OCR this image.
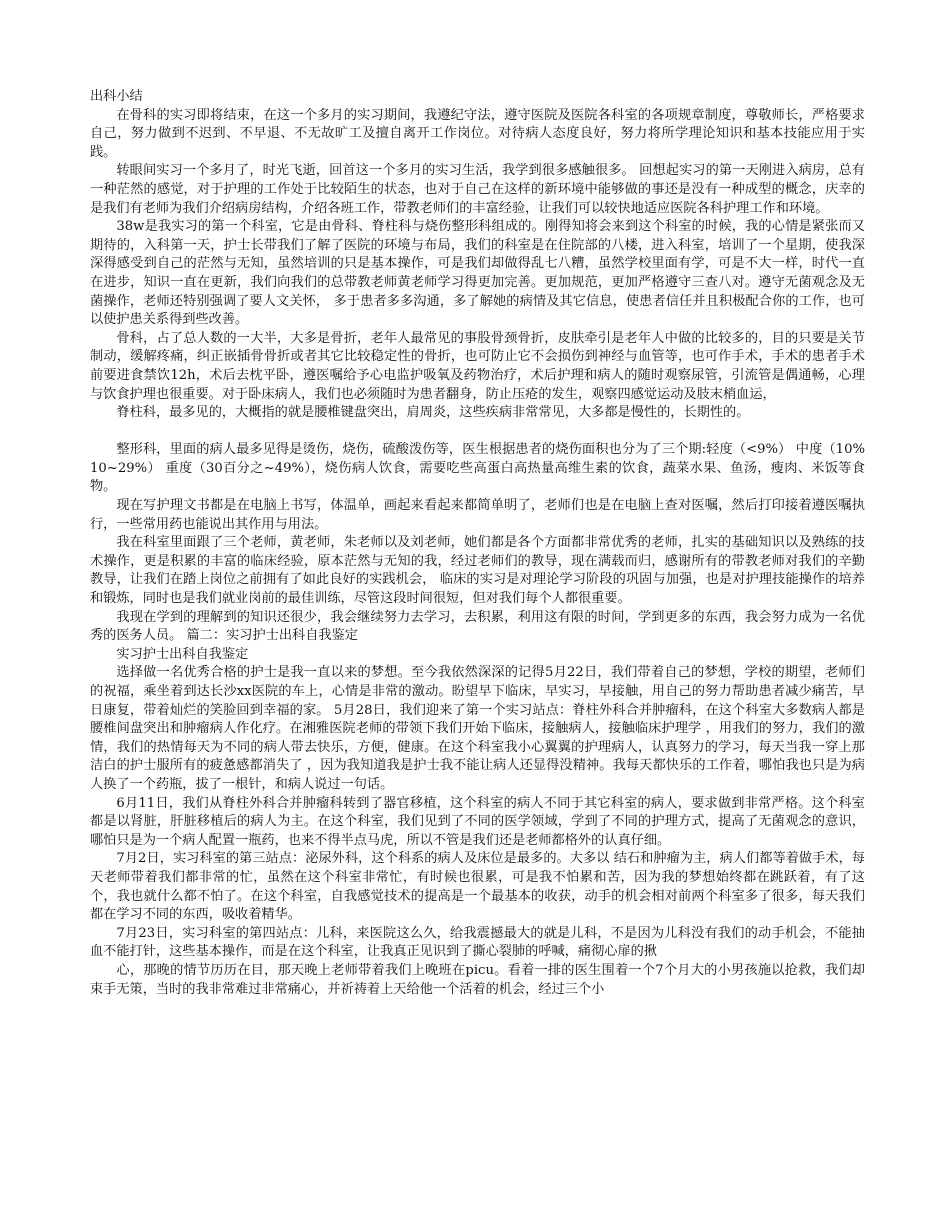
出科小结

在骨科的实习即将结束，在这一个多月的实习期间，我遵纪守法，遵守医院及医院各科室的各项规章制度，尊敬师长，严格要求自己，努力做到不迟到、不早退、不无故旷工及擅自离开工作岗位。对待病人态度良好，努力将所学理论知识和基本技能应用于实践。

转眼间实习一个多月了，时光飞逝，回首这一个多月的实习生活，我学到很多感触很多。 回想起实习的第一天刚进入病房，总有一种茫然的感觉，对于护理的工作处于比较陌生的状态，也对于自己在这样的新环境中能够做的事还是没有一种成型的概念，庆幸的是我们有老师为我们介绍病房结构，介绍各班工作，带教老师们的丰富经验，让我们可以较快地适应医院各科护理工作和环境。

38w是我实习的第一个科室，它是由骨科、脊柱科与烧伤整形科组成的。刚得知将会来到这个科室的时候，我的心情是紧张而又期待的，入科第一天，护士长带我们了解了医院的环境与布局，我们的科室是在住院部的八楼，进入科室，培训了一个星期，使我深深得感受到自己的茫然与无知，虽然培训的只是基本操作，可是我们却做得乱七八糟，虽然学校里面有学，可是不大一样，时代一直在进步，知识一直在更新，我们向我们的总带教老师黄老师学习得更加完善。更加规范，更加严格遵守三查八对。遵守无菌观念及无菌操作，老师还特别强调了要人文关怀， 多于患者多多沟通，多了解她的病情及其它信息，使患者信任并且积极配合你的工作，也可以使护患关系得到些改善。

骨科，占了总人数的一大半，大多是骨折，老年人最常见的事股骨颈骨折，皮肤牵引是老年人中做的比较多的，目的只要是关节制动，缓解疼痛，纠正嵌插骨骨折或者其它比较稳定性的骨折，也可防止它不会损伤到神经与血管等，也可作手术，手术的患者手术前要进食禁饮12h，术后去枕平卧，遵医嘱给予心电监护吸氧及药物治疗，术后护理和病人的随时观察尿管，引流管是偶通畅，心理与饮食护理也很重要。对于卧床病人，我们也必须随时为患者翻身，防止压疮的发生，观察四感觉运动及肢末梢血运，

脊柱科，最多见的，大概指的就是腰椎键盘突出，肩周炎，这些疾病非常常见，大多都是慢性的，长期性的。

整形科，里面的病人最多见得是烫伤，烧伤，硫酸泼伤等，医生根据患者的烧伤面积也分为了三个期:轻度（<9%） 中度（10%10~29%） 重度（30百分之~49%），烧伤病人饮食，需要吃些高蛋白高热量高维生素的饮食，蔬菜水果、鱼汤，瘦肉、米饭等食物。

现在写护理文书都是在电脑上书写，体温单，画起来看起来都简单明了，老师们也是在电脑上查对医嘱，然后打印接着遵医嘱执行，一些常用药也能说出其作用与用法。

我在科室里面跟了三个老师，黄老师，朱老师以及刘老师，她们都是各个方面都非常优秀的老师，扎实的基础知识以及熟练的技术操作，更是积累的丰富的临床经验，原本茫然与无知的我，经过老师们的教导，现在满载而归，感谢所有的带教老师对我们的辛勤教导，让我们在踏上岗位之前拥有了如此良好的实践机会， 临床的实习是对理论学习阶段的巩固与加强，也是对护理技能操作的培养和锻炼，同时也是我们就业岗前的最佳训练，尽管这段时间很短，但对我们每个人都很重要。

我现在学到的理解到的知识还很少，我会继续努力去学习，去积累，利用这有限的时间，学到更多的东西，我会努力成为一名优秀的医务人员。 篇二：实习护士出科自我鉴定

实习护士出科自我鉴定

选择做一名优秀合格的护士是我一直以来的梦想。至今我依然深深的记得5月22日，我们带着自己的梦想，学校的期望，老师们的祝福，乘坐着到达长沙xx医院的车上，心情是非常的激动。盼望早下临床，早实习，早接触，用自己的努力帮助患者减少痛苦，早日康复，带着灿烂的笑脸回到幸福的家。 5月28日，我们迎来了第一个实习站点：脊柱外科合并肿瘤科，在这个科室大多数病人都是腰椎间盘突出和肿瘤病人作化疗。在湘雅医院老师的带领下我们开始下临床，接触病人，接触临床护理学 ，用我们的努力，我们的激情，我们的热情每天为不同的病人带去快乐，方便，健康。在这个科室我小心翼翼的护理病人，认真努力的学习，每天当我一穿上那洁白的护士服所有的疲惫感都消失了 ，因为我知道我是护士我不能让病人还显得没精神。我每天都快乐的工作着，哪怕我也只是为病人换了一个药瓶，拔了一根针，和病人说过一句话。

6月11日，我们从脊柱外科合并肿瘤科转到了器官移植，这个科室的病人不同于其它科室的病人，要求做到非常严格。这个科室都是以肾脏，肝脏移植后的病人为主。在这个科室，我们见到了不同的医学领域，学到了不同的护理方式，提高了无菌观念的意识，哪怕只是为一个病人配置一瓶药，也来不得半点马虎，所以不管是我们还是老师都格外的认真仔细。

7月2日，实习科室的第三站点：泌尿外科，这个科系的病人及床位是最多的。大多以 结石和肿瘤为主，病人们都等着做手术，每天老师带着我们都非常的忙，虽然在这个科室非常忙，有时候也很累，可是我不怕累和苦，因为我的梦想始终都在跳跃着，有了这个，我也就什么都不怕了。在这个科室，自我感觉技术的提高是一个最基本的收获，动手的机会相对前两个科室多了很多，每天我们都在学习不同的东西，吸收着精华。

7月23日，实习科室的第四站点：儿科，来医院这么久，给我震撼最大的就是儿科，不是因为儿科没有我们的动手机会，不能抽血不能打针，这些基本操作，而是在这个科室，让我真正见识到了撕心裂肺的呼喊，痛彻心扉的揪

心，那晚的情节历历在目，那天晚上老师带着我们上晚班在picu。看着一排的医生围着一个7个月大的小男孩施以抢救，我们却束手无策，当时的我非常难过非常痛心，并祈祷着上天给他一个活着的机会，经过三个小
